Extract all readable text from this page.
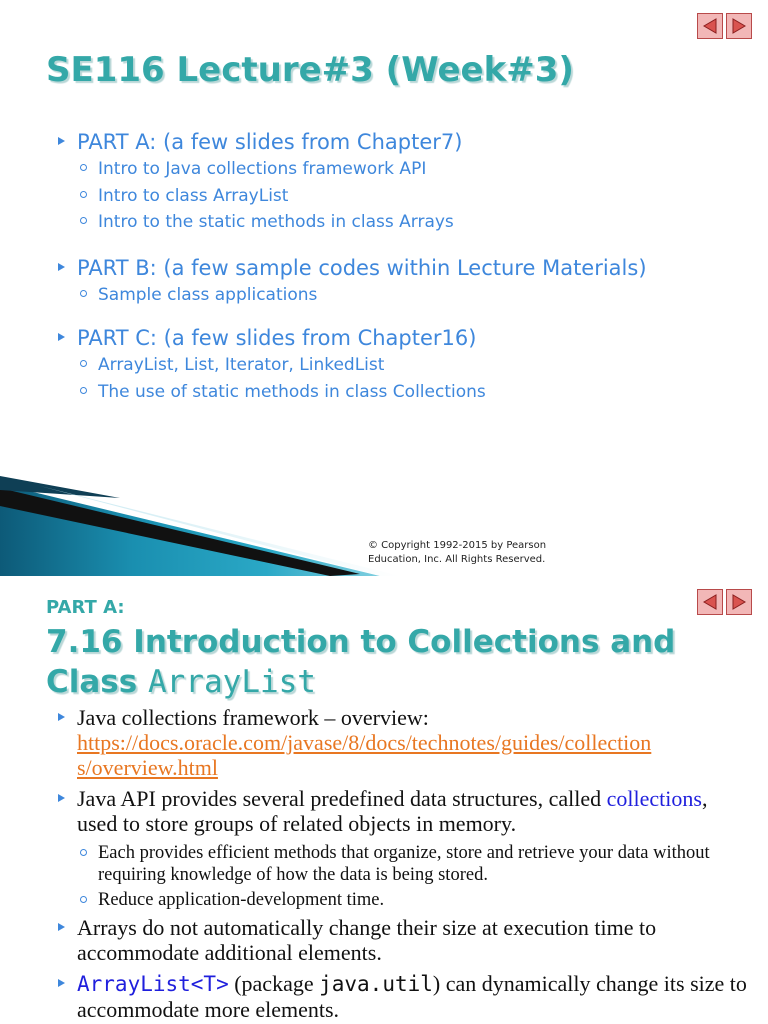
SE116 Lecture#3 (Week#3)
PART A: (a few slides from Chapter7)
Intro to Java collections framework API
Intro to class ArrayList
Intro to the static methods in class Arrays
PART B: (a few sample codes within Lecture Materials)
Sample class applications
PART C: (a few slides from Chapter16)
ArrayList, List, Iterator, LinkedList
The use of static methods in class Collections
© Copyright 1992-2015 by Pearson
Education, Inc. All Rights Reserved.
PART A:
7.16 Introduction to Collections and
Class ArrayList
Java collections framework – overview:
https://docs.oracle.com/javase/8/docs/technotes/guides/collection
s/overview.html
Java API provides several predefined data structures, called collections, used to store groups of related objects in memory.
Each provides efficient methods that organize, store and retrieve your data without requiring knowledge of how the data is being stored.
Reduce application-development time.
Arrays do not automatically change their size at execution time to accommodate additional elements.
ArrayList<T> (package java.util) can dynamically change its size to accommodate more elements.
